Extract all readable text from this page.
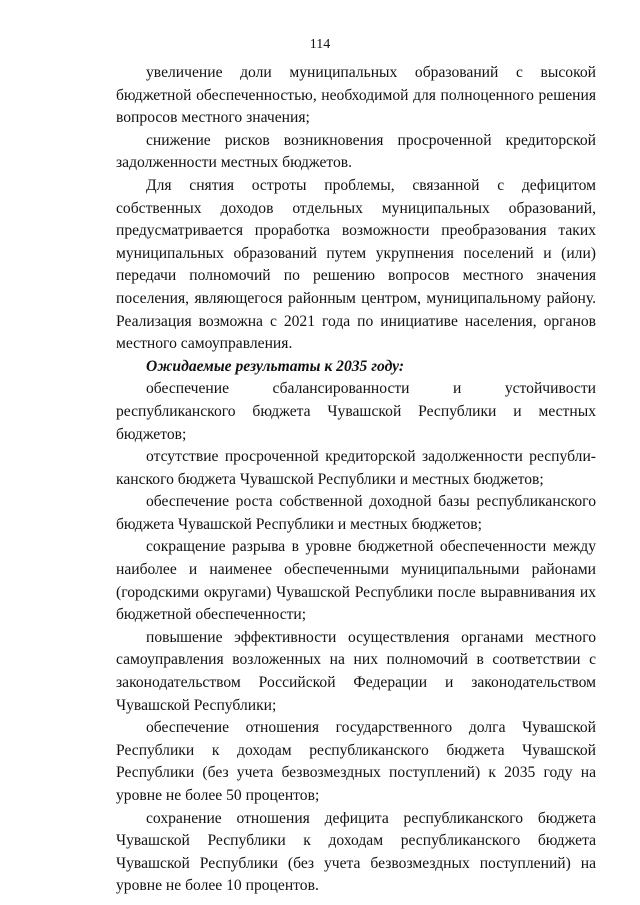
114

увеличение доли муниципальных образований с высокой бюджетной обеспеченностью, необходимой для полноценного решения вопросов местного значения;

снижение рисков возникновения просроченной кредиторской задолженности местных бюджетов.

Для снятия остроты проблемы, связанной с дефицитом собственных доходов отдельных муниципальных образований, предусматривается проработка возможности преобразования таких муниципальных образований путем укрупнения поселений и (или) передачи полномочий по решению вопросов местного значения поселения, являющегося районным центром, муниципальному району. Реализация возможна с 2021 года по инициативе населения, органов местного самоуправления.

Ожидаемые результаты к 2035 году:

обеспечение сбалансированности и устойчивости республиканского бюджета Чувашской Республики и местных бюджетов;

отсутствие просроченной кредиторской задолженности республиканского бюджета Чувашской Республики и местных бюджетов;

обеспечение роста собственной доходной базы республиканского бюджета Чувашской Республики и местных бюджетов;

сокращение разрыва в уровне бюджетной обеспеченности между наиболее и наименее обеспеченными муниципальными районами (городскими округами) Чувашской Республики после выравнивания их бюджетной обеспеченности;

повышение эффективности осуществления органами местного самоуправления возложенных на них полномочий в соответствии с законодательством Российской Федерации и законодательством Чувашской Республики;

обеспечение отношения государственного долга Чувашской Республики к доходам республиканского бюджета Чувашской Республики (без учета безвозмездных поступлений) к 2035 году на уровне не более 50 процентов;

сохранение отношения дефицита республиканского бюджета Чувашской Республики к доходам республиканского бюджета Чувашской Республики (без учета безвозмездных поступлений) на уровне не более 10 процентов.
